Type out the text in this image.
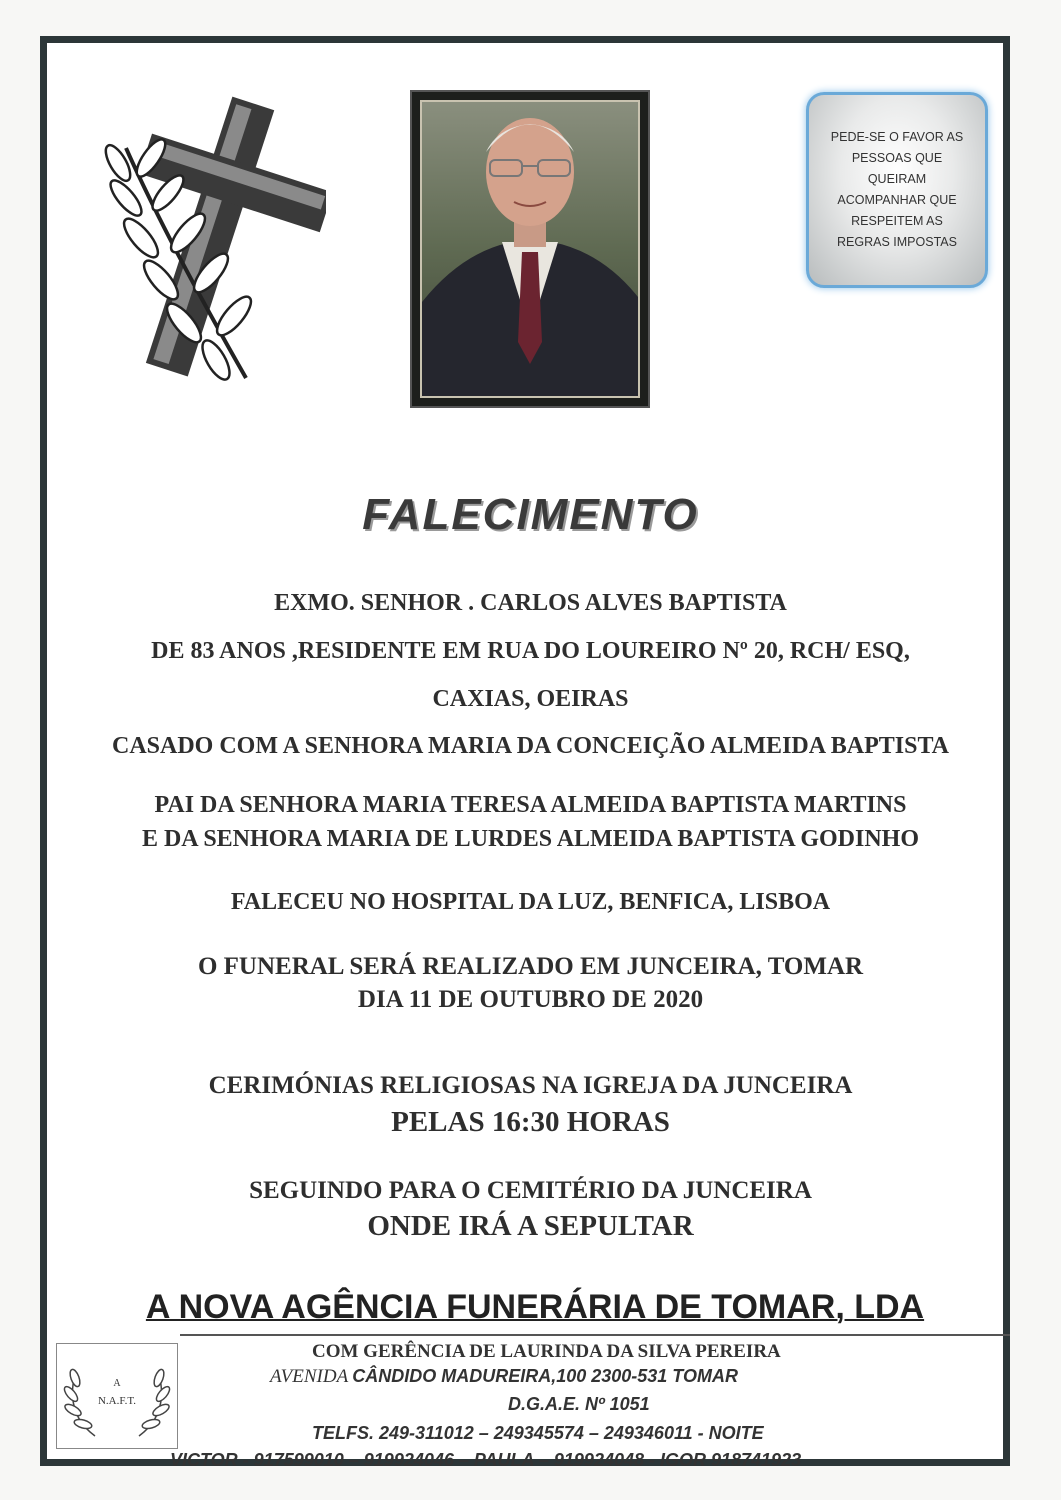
PEDE-SE O FAVOR AS PESSOAS QUE QUEIRAM ACOMPANHAR QUE RESPEITEM AS REGRAS IMPOSTAS
FALECIMENTO
EXMO. SENHOR . CARLOS ALVES BAPTISTA
DE 83 ANOS ,RESIDENTE EM RUA DO LOUREIRO Nº 20, RCH/ ESQ,
CAXIAS, OEIRAS
CASADO COM A SENHORA MARIA DA CONCEIÇÃO ALMEIDA BAPTISTA
PAI DA SENHORA MARIA TERESA ALMEIDA BAPTISTA MARTINS
E DA SENHORA MARIA DE LURDES ALMEIDA BAPTISTA GODINHO
FALECEU NO HOSPITAL DA LUZ, BENFICA, LISBOA
O FUNERAL SERÁ REALIZADO EM JUNCEIRA, TOMAR
DIA 11 DE OUTUBRO DE 2020
CERIMÓNIAS RELIGIOSAS NA IGREJA DA JUNCEIRA
PELAS 16:30 HORAS
SEGUINDO PARA O CEMITÉRIO DA JUNCEIRA
ONDE IRÁ A SEPULTAR
A NOVA AGÊNCIA FUNERÁRIA DE TOMAR, LDA
A
N.A.F.T.
COM GERÊNCIA DE LAURINDA DA SILVA PEREIRA
AVENIDA CÂNDIDO MADUREIRA,100 2300-531 TOMAR
D.G.A.E. Nº 1051
TELFS. 249-311012 – 249345574 – 249346011 - NOITE
VICTOR - 917599010 – 919924046 – PAULA – 919924048 - IGOR 918741923
